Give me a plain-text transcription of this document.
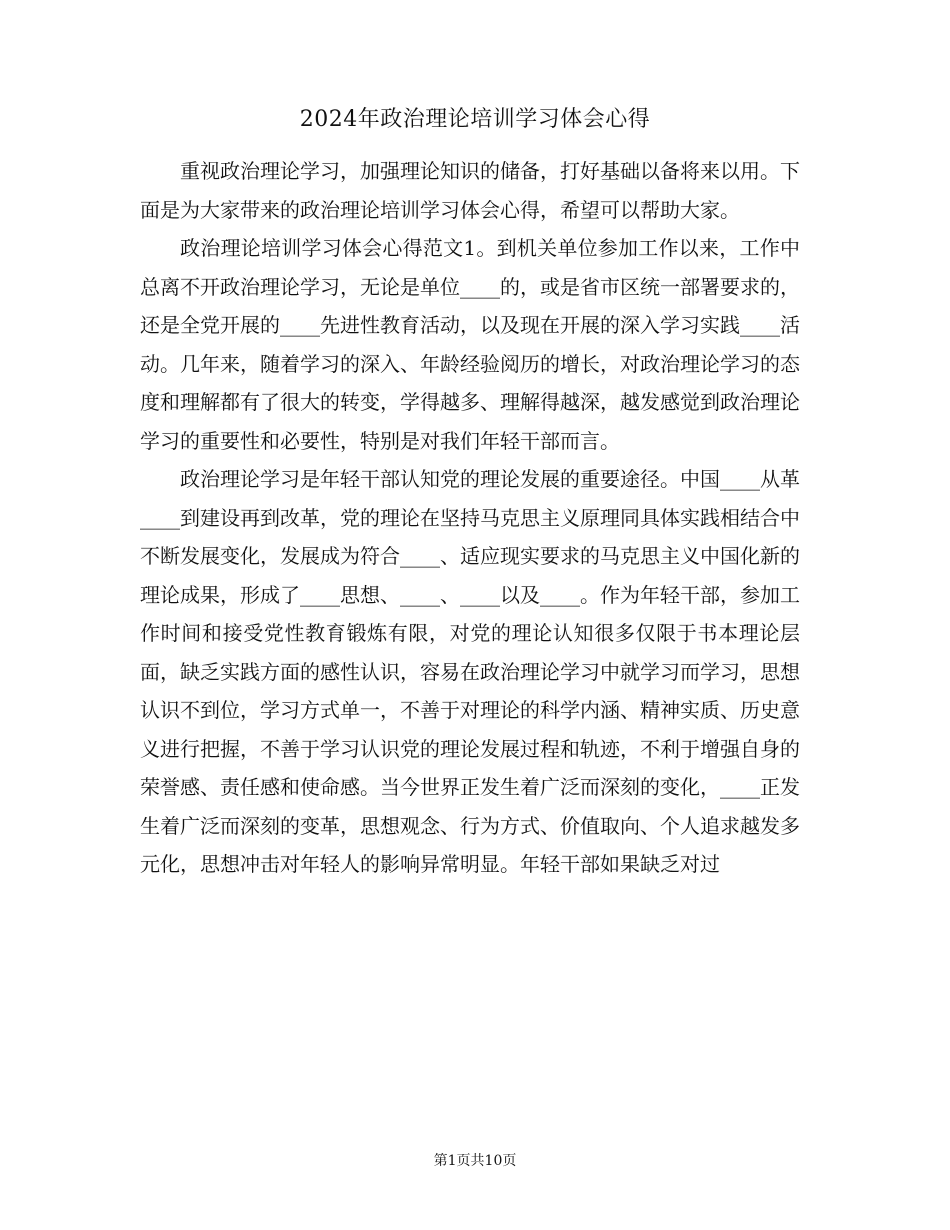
2024年政治理论培训学习体会心得

重视政治理论学习，加强理论知识的储备，打好基础以备将来以用。下面是为大家带来的政治理论培训学习体会心得，希望可以帮助大家。

政治理论培训学习体会心得范文1。到机关单位参加工作以来，工作中总离不开政治理论学习，无论是单位____的，或是省市区统一部署要求的，还是全党开展的____先进性教育活动，以及现在开展的深入学习实践____活动。几年来，随着学习的深入、年龄经验阅历的增长，对政治理论学习的态度和理解都有了很大的转变，学得越多、理解得越深，越发感觉到政治理论学习的重要性和必要性，特别是对我们年轻干部而言。

政治理论学习是年轻干部认知党的理论发展的重要途径。中国____从革____到建设再到改革，党的理论在坚持马克思主义原理同具体实践相结合中不断发展变化，发展成为符合____、适应现实要求的马克思主义中国化新的理论成果，形成了____思想、____、____以及____。作为年轻干部，参加工作时间和接受党性教育锻炼有限，对党的理论认知很多仅限于书本理论层面，缺乏实践方面的感性认识，容易在政治理论学习中就学习而学习，思想认识不到位，学习方式单一，不善于对理论的科学内涵、精神实质、历史意义进行把握，不善于学习认识党的理论发展过程和轨迹，不利于增强自身的荣誉感、责任感和使命感。当今世界正发生着广泛而深刻的变化，____正发生着广泛而深刻的变革，思想观念、行为方式、价值取向、个人追求越发多元化，思想冲击对年轻人的影响异常明显。年轻干部如果缺乏对过

第1页共10页
